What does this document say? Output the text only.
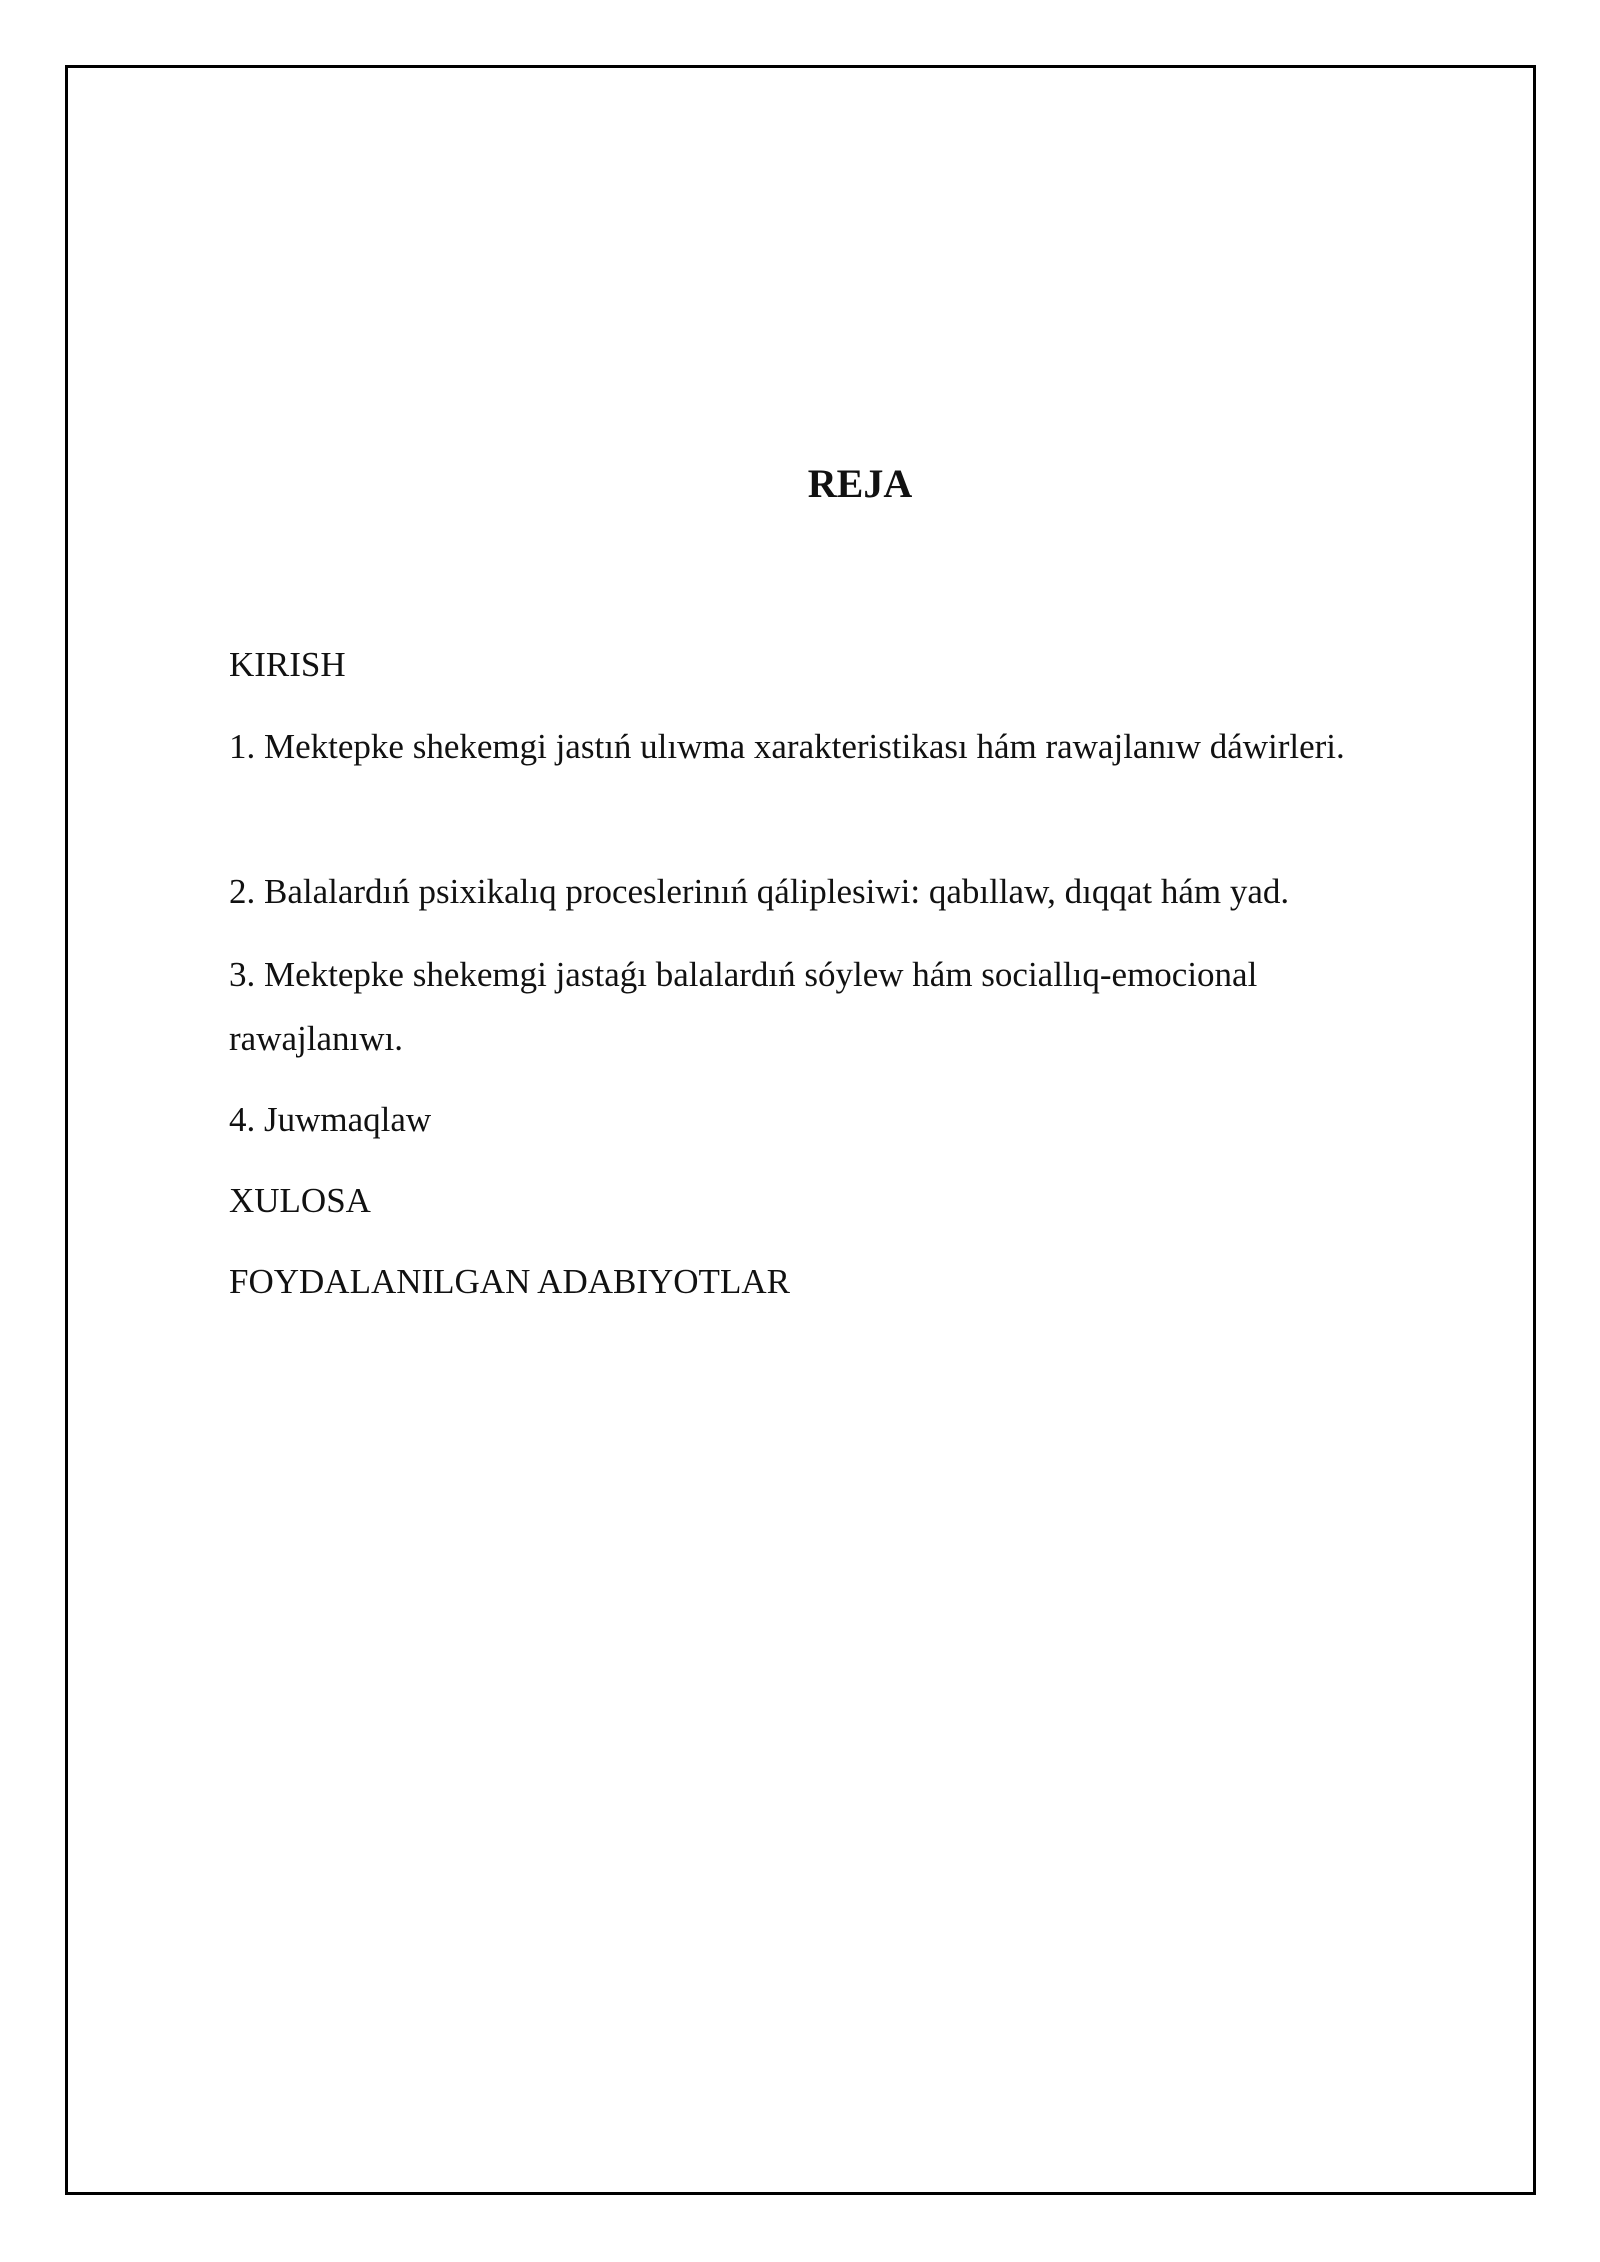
REJA

KIRISH

1. Mektepke shekemgi jastıń ulıwma xarakteristikası hám rawajlanıw dáwirleri.

2. Balalardıń psixikalıq proceslerinıń qáliplesiwi: qabıllaw, dıqqat hám yad.

3. Mektepke shekemgi jastaǵı balalardıń sóylew hám sociallıq-emocional rawajlanıwı.

4. Juwmaqlaw

XULOSA

FOYDALANILGAN ADABIYOTLAR
